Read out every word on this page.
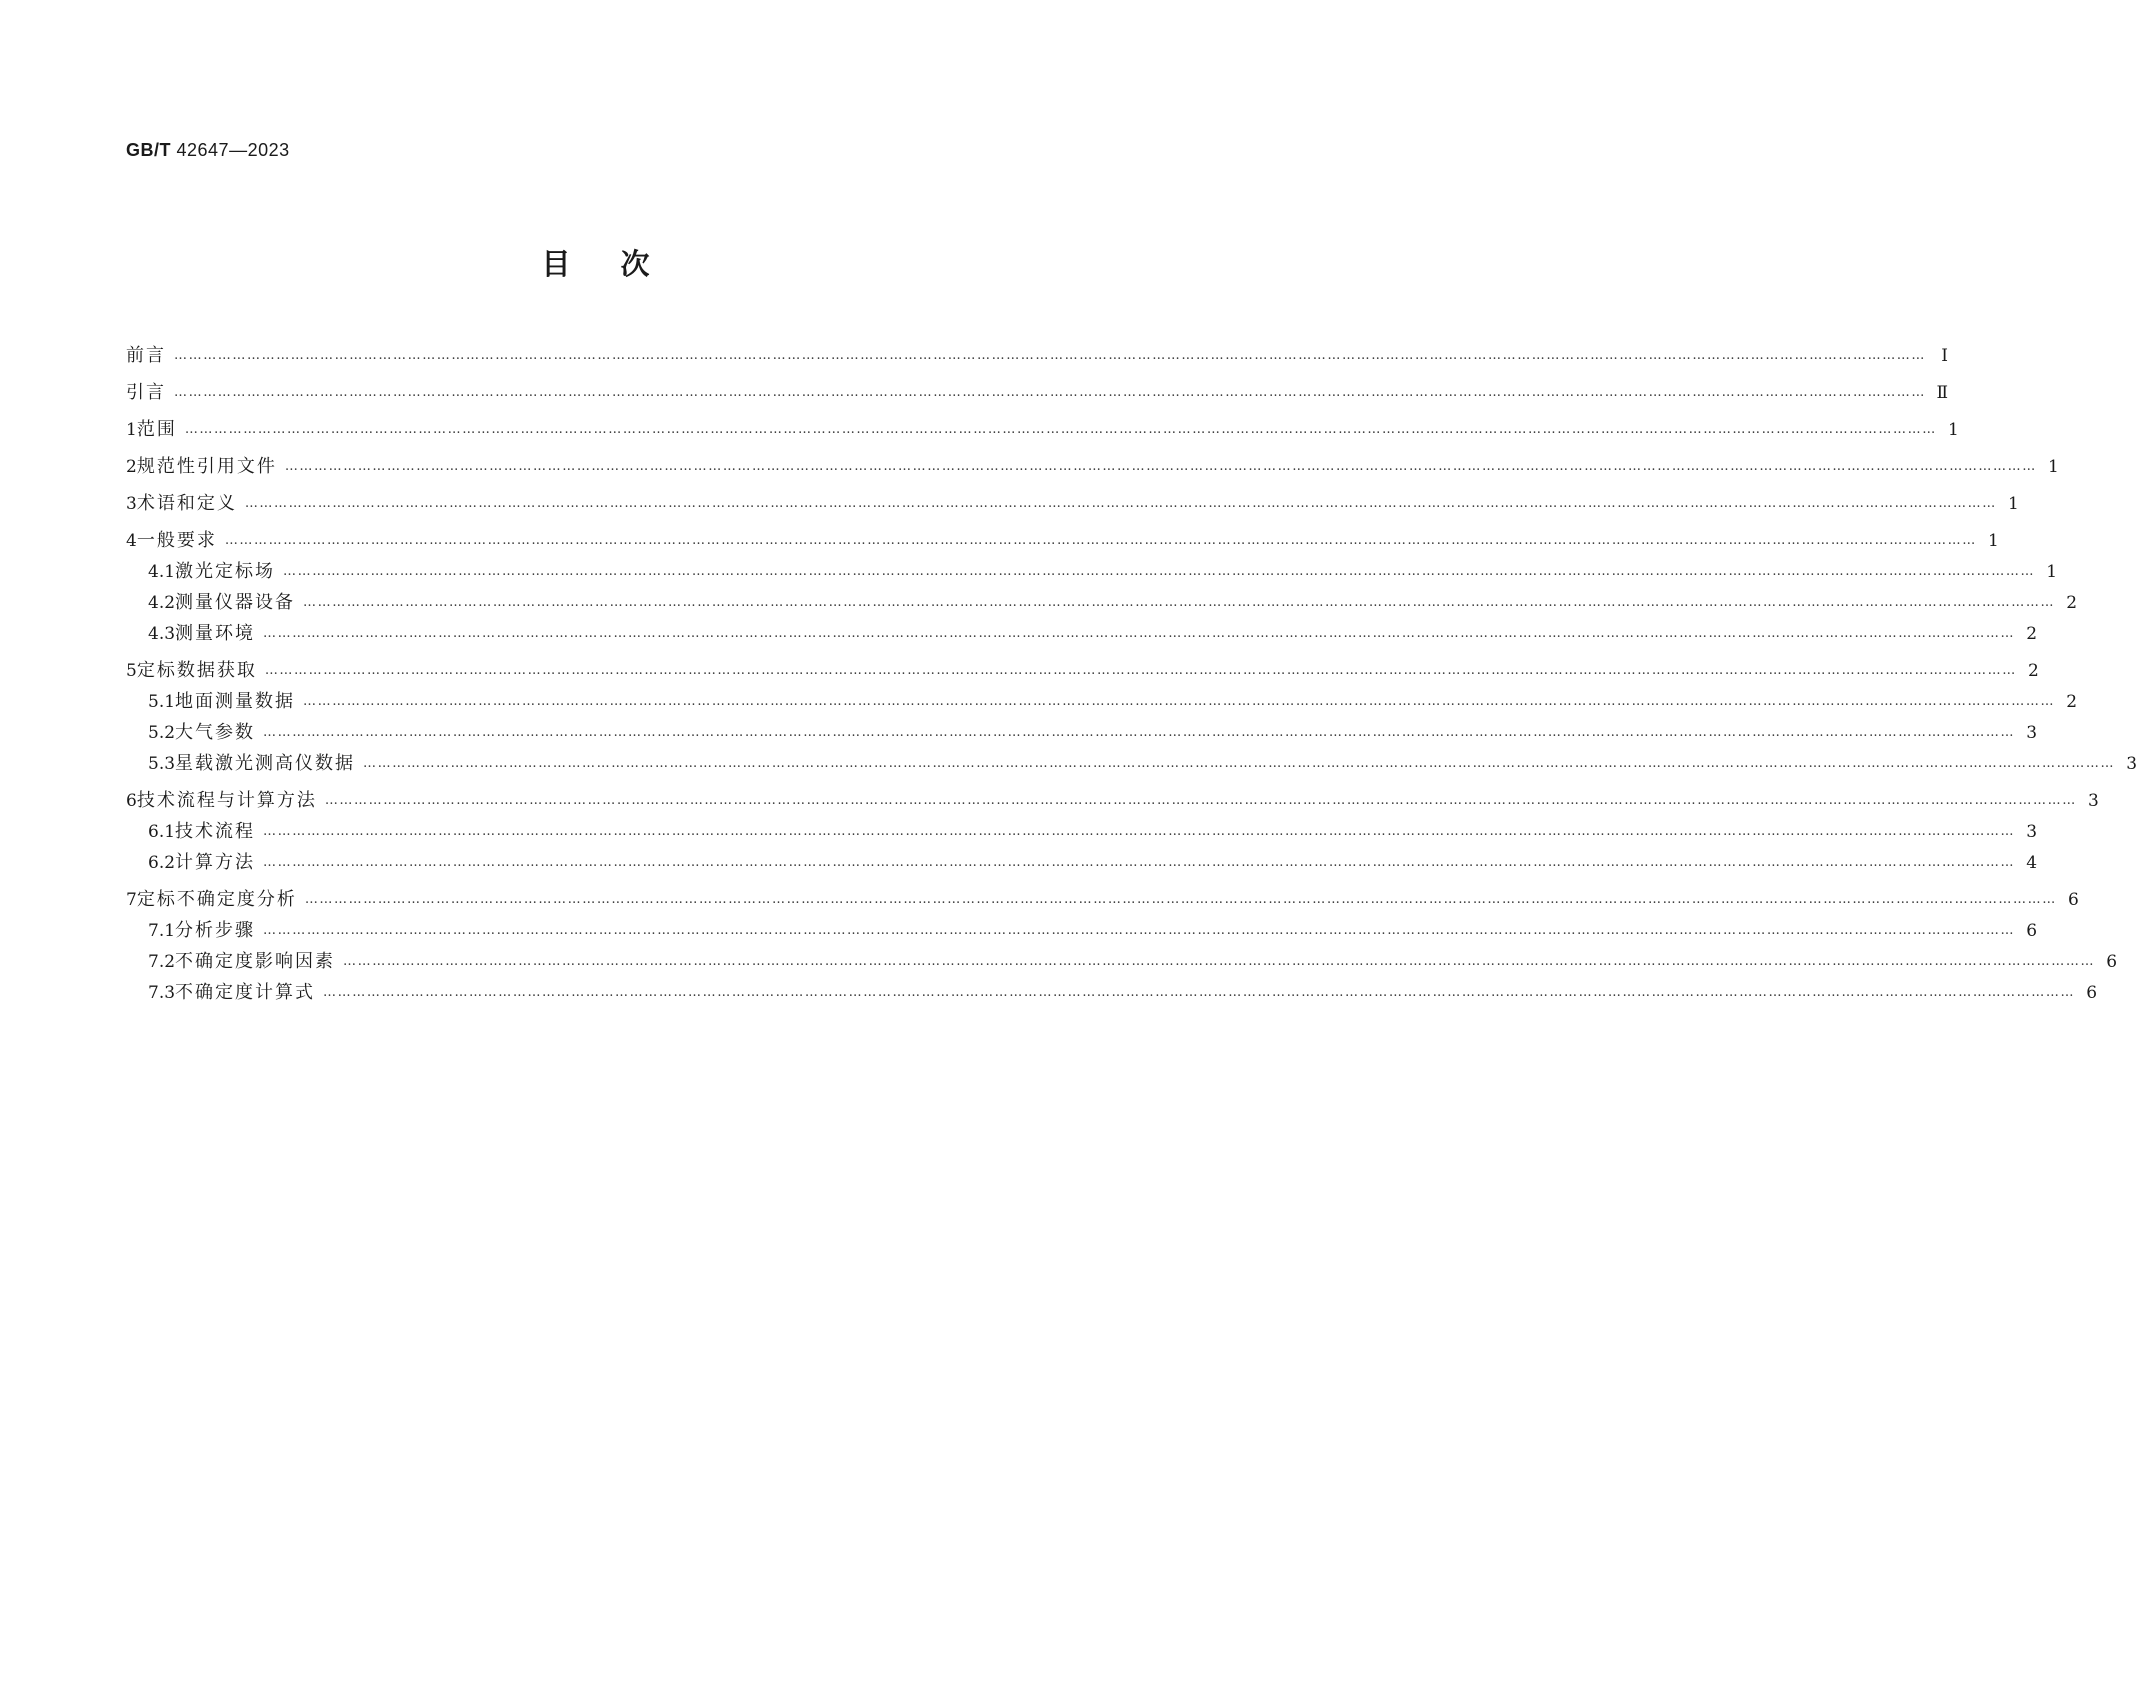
GB/T 42647—2023
目次
前言 ……………………………………………………………………………………………………………………………………………………………………………………………………………………………………………………………………………………………………………………………… Ⅰ
引言 ……………………………………………………………………………………………………………………………………………………………………………………………………………………………………………………………………………………………………………………………… Ⅱ
1 范围 ……………………………………………………………………………………………………………………………………………………………………………………………………………………………………………………………………………………………………………………………… 1
2 规范性引用文件 ……………………………………………………………………………………………………………………………………………………………………………………………………………………………………………………………………………………………………………………………… 1
3 术语和定义 ……………………………………………………………………………………………………………………………………………………………………………………………………………………………………………………………………………………………………………………………… 1
4 一般要求 ……………………………………………………………………………………………………………………………………………………………………………………………………………………………………………………………………………………………………………………………… 1
4.1 激光定标场 ……………………………………………………………………………………………………………………………………………………………………………………………………………………………………………………………………………………………………………………………… 1
4.2 测量仪器设备 ……………………………………………………………………………………………………………………………………………………………………………………………………………………………………………………………………………………………………………………………… 2
4.3 测量环境 ……………………………………………………………………………………………………………………………………………………………………………………………………………………………………………………………………………………………………………………………… 2
5 定标数据获取 ……………………………………………………………………………………………………………………………………………………………………………………………………………………………………………………………………………………………………………………………… 2
5.1 地面测量数据 ……………………………………………………………………………………………………………………………………………………………………………………………………………………………………………………………………………………………………………………………… 2
5.2 大气参数 ……………………………………………………………………………………………………………………………………………………………………………………………………………………………………………………………………………………………………………………………… 3
5.3 星载激光测高仪数据 ……………………………………………………………………………………………………………………………………………………………………………………………………………………………………………………………………………………………………………………………… 3
6 技术流程与计算方法 ……………………………………………………………………………………………………………………………………………………………………………………………………………………………………………………………………………………………………………………………… 3
6.1 技术流程 ……………………………………………………………………………………………………………………………………………………………………………………………………………………………………………………………………………………………………………………………… 3
6.2 计算方法 ……………………………………………………………………………………………………………………………………………………………………………………………………………………………………………………………………………………………………………………………… 4
7 定标不确定度分析 ……………………………………………………………………………………………………………………………………………………………………………………………………………………………………………………………………………………………………………………………… 6
7.1 分析步骤 ……………………………………………………………………………………………………………………………………………………………………………………………………………………………………………………………………………………………………………………………… 6
7.2 不确定度影响因素 ……………………………………………………………………………………………………………………………………………………………………………………………………………………………………………………………………………………………………………………………… 6
7.3 不确定度计算式 ……………………………………………………………………………………………………………………………………………………………………………………………………………………………………………………………………………………………………………………………… 6
